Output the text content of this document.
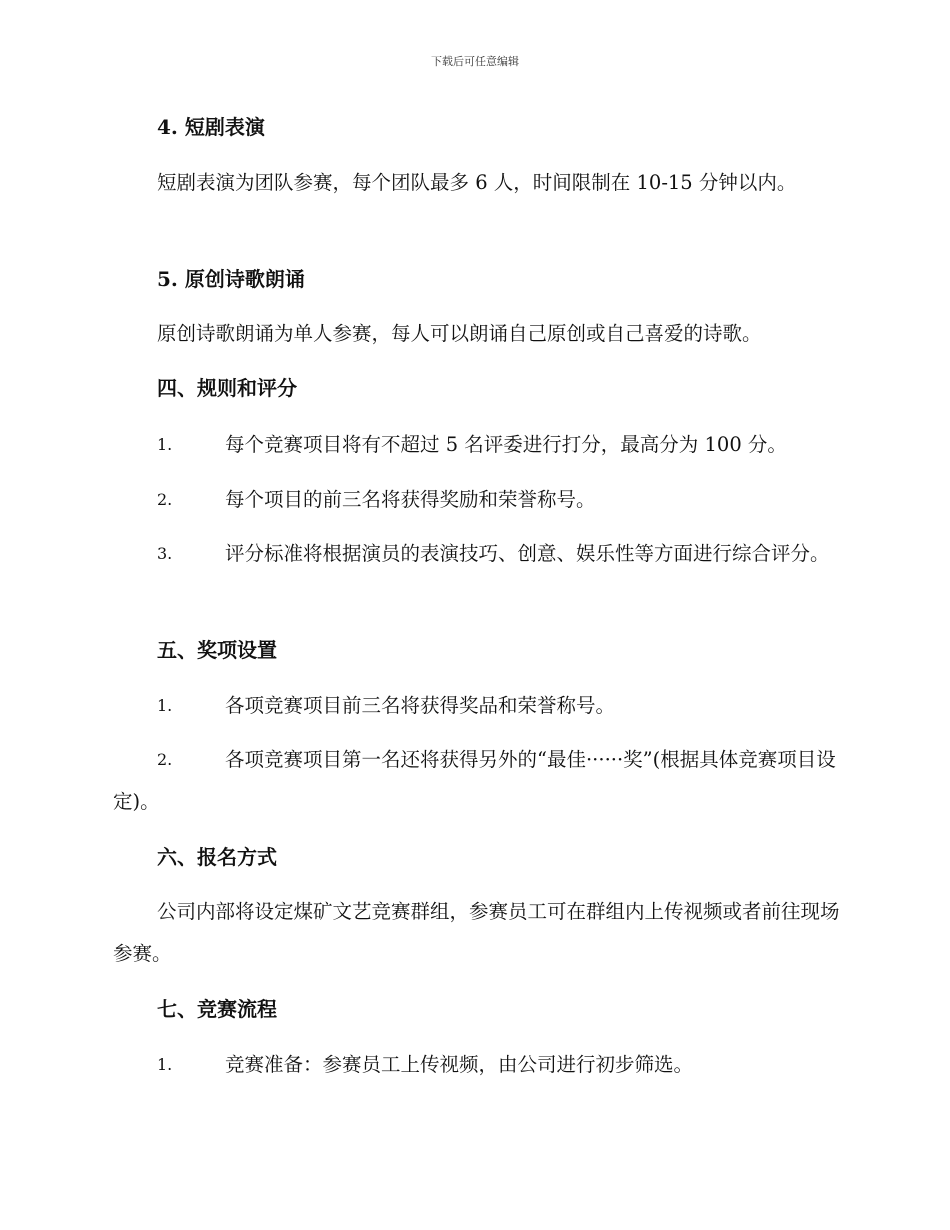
下载后可任意编辑
4. 短剧表演
短剧表演为团队参赛，每个团队最多 6 人，时间限制在 10-15 分钟以内。
5. 原创诗歌朗诵
原创诗歌朗诵为单人参赛，每人可以朗诵自己原创或自己喜爱的诗歌。
四、规则和评分
1.	每个竞赛项目将有不超过 5 名评委进行打分，最高分为 100 分。
2.	每个项目的前三名将获得奖励和荣誉称号。
3.	评分标准将根据演员的表演技巧、创意、娱乐性等方面进行综合评分。
五、奖项设置
1.	各项竞赛项目前三名将获得奖品和荣誉称号。
2.	各项竞赛项目第一名还将获得另外的“最佳······奖”(根据具体竞赛项目设定)。
六、报名方式
公司内部将设定煤矿文艺竞赛群组，参赛员工可在群组内上传视频或者前往现场参赛。
七、竞赛流程
1.	竞赛准备：参赛员工上传视频，由公司进行初步筛选。
